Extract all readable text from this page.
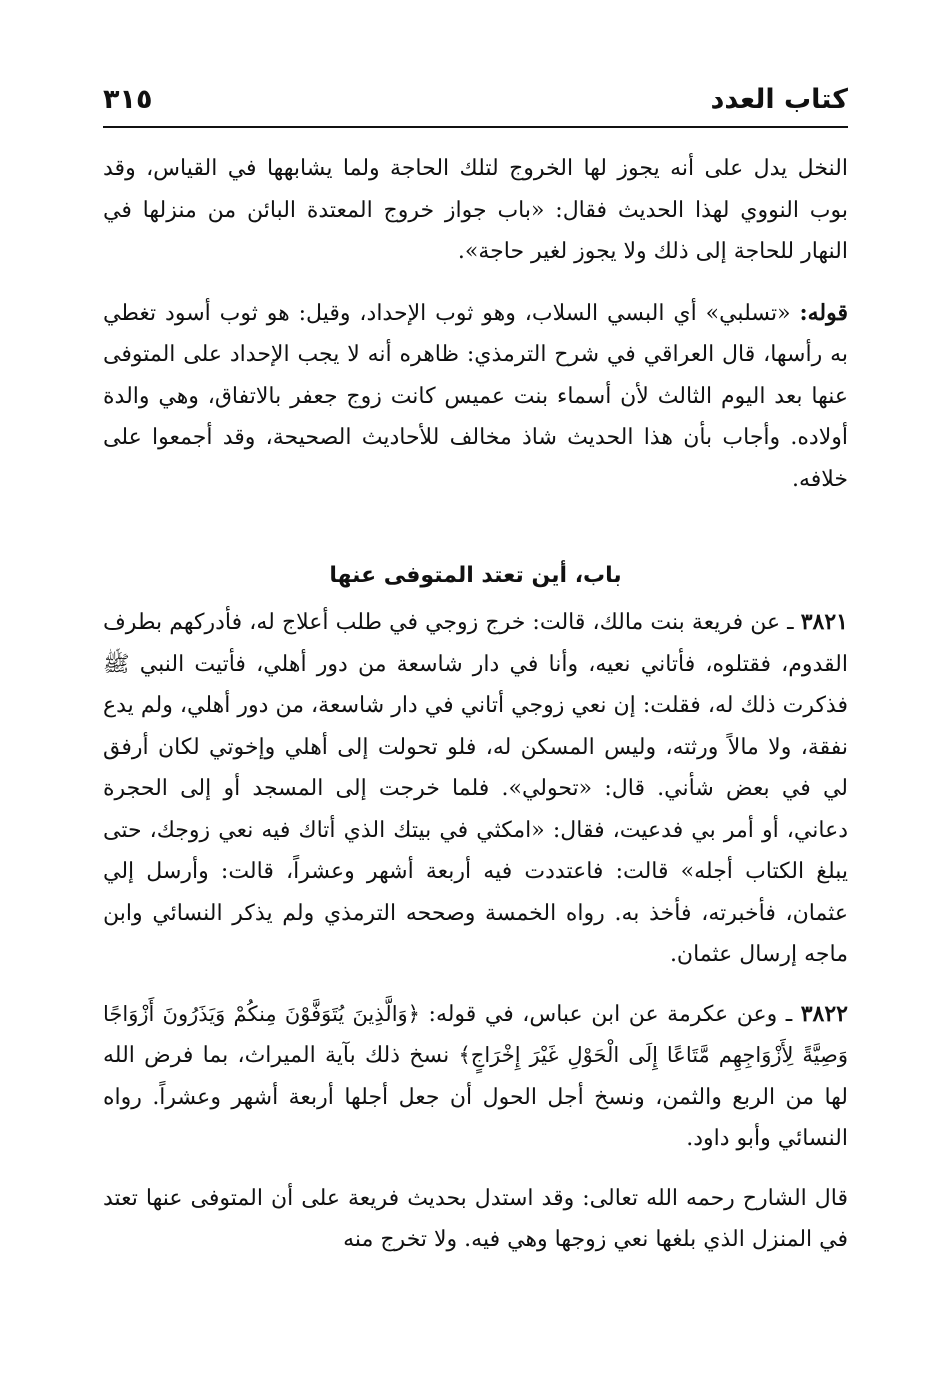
كتاب العدد
٣١٥

النخل يدل على أنه يجوز لها الخروج لتلك الحاجة ولما يشابهها في القياس، وقد بوب النووي لهذا الحديث فقال: «باب جواز خروج المعتدة البائن من منزلها في النهار للحاجة إلى ذلك ولا يجوز لغير حاجة».

قوله: «تسلبي» أي البسي السلاب، وهو ثوب الإحداد، وقيل: هو ثوب أسود تغطي به رأسها، قال العراقي في شرح الترمذي: ظاهره أنه لا يجب الإحداد على المتوفى عنها بعد اليوم الثالث لأن أسماء بنت عميس كانت زوج جعفر بالاتفاق، وهي والدة أولاده. وأجاب بأن هذا الحديث شاذ مخالف للأحاديث الصحيحة، وقد أجمعوا على خلافه.

باب، أين تعتد المتوفى عنها

٣٨٢١ ـ عن فريعة بنت مالك، قالت: خرج زوجي في طلب أعلاج له، فأدركهم بطرف القدوم، فقتلوه، فأتاني نعيه، وأنا في دار شاسعة من دور أهلي، فأتيت النبي ﷺ فذكرت ذلك له، فقلت: إن نعي زوجي أتاني في دار شاسعة، من دور أهلي، ولم يدع نفقة، ولا مالاً ورثته، وليس المسكن له، فلو تحولت إلى أهلي وإخوتي لكان أرفق لي في بعض شأني. قال: «تحولي». فلما خرجت إلى المسجد أو إلى الحجرة دعاني، أو أمر بي فدعيت، فقال: «امكثي في بيتك الذي أتاك فيه نعي زوجك، حتى يبلغ الكتاب أجله» قالت: فاعتددت فيه أربعة أشهر وعشراً، قالت: وأرسل إلي عثمان، فأخبرته، فأخذ به. رواه الخمسة وصححه الترمذي ولم يذكر النسائي وابن ماجه إرسال عثمان.

٣٨٢٢ ـ وعن عكرمة عن ابن عباس، في قوله: ﴿وَالَّذِينَ يُتَوَفَّوْنَ مِنكُمْ وَيَذَرُونَ أَزْوَاجًا وَصِيَّةً لِأَزْوَاجِهِم مَّتَاعًا إِلَى الْحَوْلِ غَيْرَ إِخْرَاجٍ﴾ نسخ ذلك بآية الميراث، بما فرض الله لها من الربع والثمن، ونسخ أجل الحول أن جعل أجلها أربعة أشهر وعشراً. رواه النسائي وأبو داود.

قال الشارح رحمه الله تعالى: وقد استدل بحديث فريعة على أن المتوفى عنها تعتد في المنزل الذي بلغها نعي زوجها وهي فيه. ولا تخرج منه
